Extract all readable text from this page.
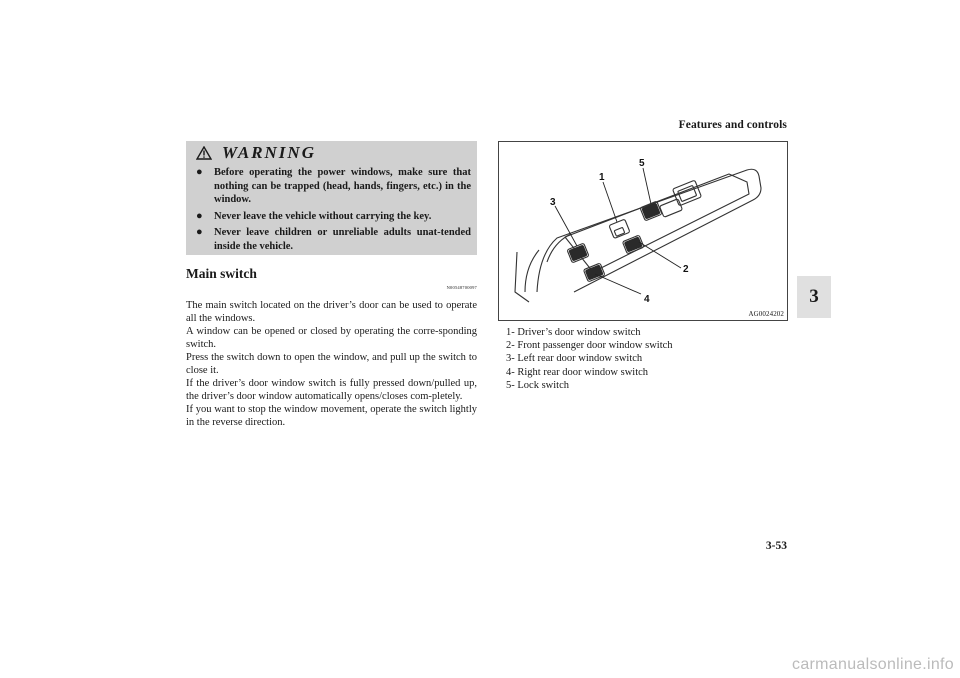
Features and controls
3
WARNING
● Before operating the power windows, make sure that nothing can be trapped (head, hands, fingers, etc.) in the window.
● Never leave the vehicle without carrying the key.
● Never leave children or unreliable adults unat-tended inside the vehicle.
Main switch
N00548700097

The main switch located on the driver’s door can be used to operate all the windows.

A window can be opened or closed by operating the corre-sponding switch.

Press the switch down to open the window, and pull up the switch to close it.

If the driver’s door window switch is fully pressed down/pulled up, the driver’s door window automatically opens/closes com-pletely.

If you want to stop the window movement, operate the switch lightly in the reverse direction.

1
2
3
4
5
AG0024202
1- Driver’s door window switch
2- Front passenger door window switch
3- Left rear door window switch
4- Right rear door window switch
5- Lock switch
3-53
carmanualsonline.info
